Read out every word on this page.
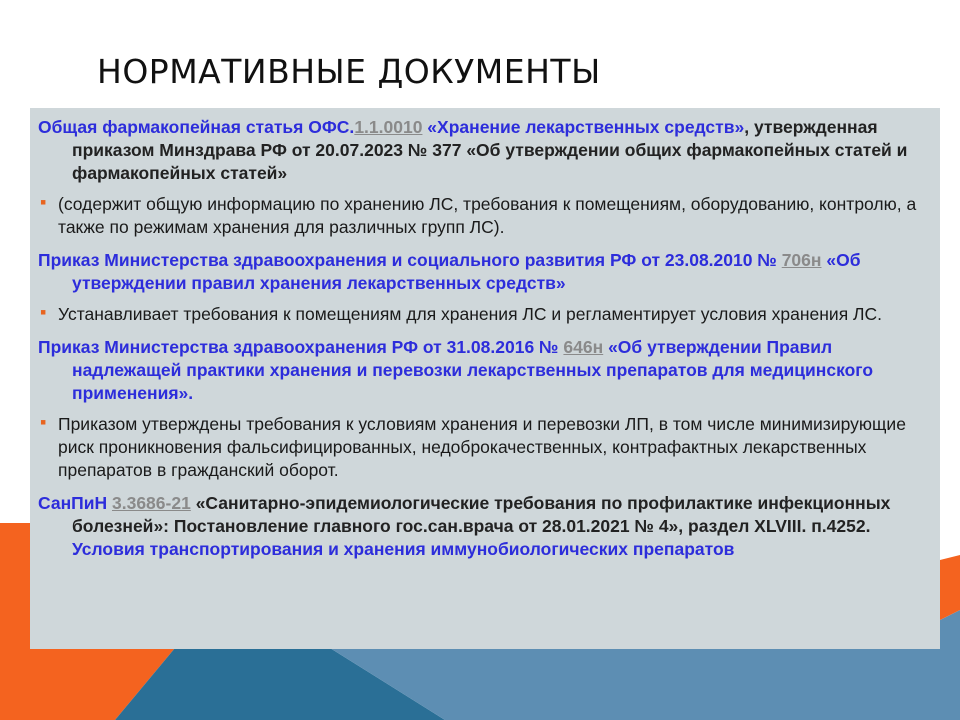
НОРМАТИВНЫЕ ДОКУМЕНТЫ
Общая фармакопейная статья ОФС.1.1.0010 «Хранение лекарственных средств», утвержденная приказом Минздрава РФ от 20.07.2023 № 377 «Об утверждении общих фармакопейных статей и фармакопейных статей»
▪ (содержит общую информацию по хранению ЛС, требования к помещениям, оборудованию, контролю, а также по режимам хранения для различных групп ЛС).
Приказ Министерства здравоохранения и социального развития РФ от 23.08.2010 № 706н «Об утверждении правил хранения лекарственных средств»
▪ Устанавливает требования к помещениям для хранения ЛС и регламентирует условия хранения ЛС.
Приказ Министерства здравоохранения РФ от 31.08.2016 № 646н «Об утверждении Правил надлежащей практики хранения и перевозки лекарственных препаратов для медицинского применения».
▪ Приказом утверждены требования к условиям хранения и перевозки ЛП, в том числе минимизирующие риск проникновения фальсифицированных, недоброкачественных, контрафактных лекарственных препаратов в гражданский оборот.
СанПиН 3.3686-21 «Санитарно-эпидемиологические требования по профилактике инфекционных болезней»: Постановление главного гос.сан.врача от 28.01.2021 № 4», раздел XLVIII. п.4252. Условия транспортирования и хранения иммунобиологических препаратов
